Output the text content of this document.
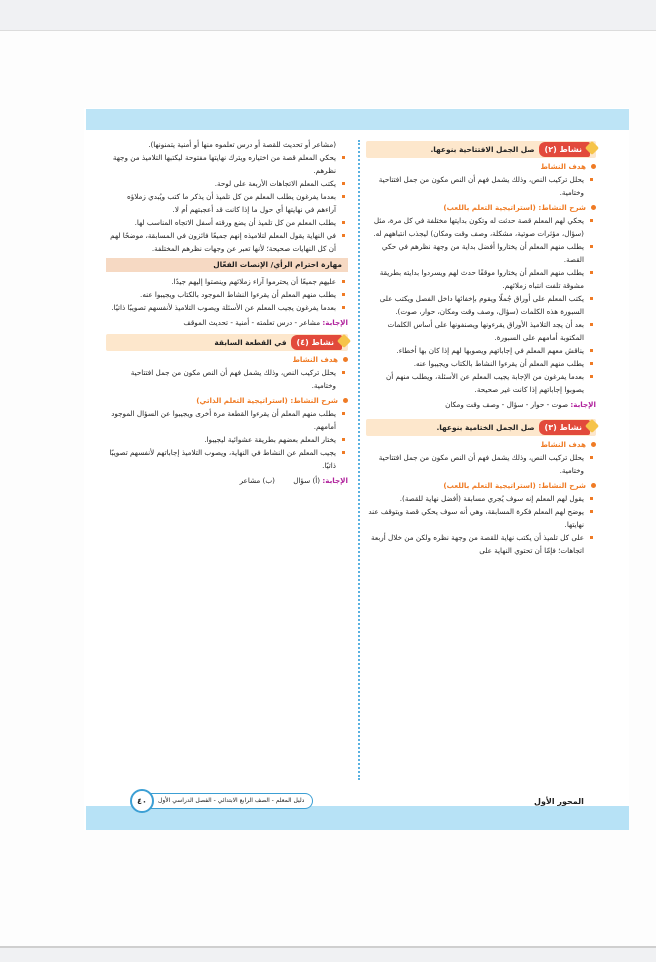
نشاط (٢)
صل الجمل الافتتاحية بنوعها.
هدف النشاط
يحلل تركيب النص، وذلك يشمل فهم أن النص مكون من جمل افتتاحية وختامية.
شرح النشاط: (استراتيجية التعلم باللعب)
يحكي لهم المعلم قصة حدثت له وتكون بدايتها مختلفة في كل مرة، مثل (سؤال، مؤثرات صوتية، مشكلة، وصف وقت ومكان) ليجذب انتباههم له.
يطلب منهم المعلم أن يختاروا أفضل بداية من وجهة نظرهم في حكي القصة.
يطلب منهم المعلم أن يختاروا موقفًا حدث لهم ويسردوا بدايته بطريقة مشوقة تلفت انتباه زملائهم.
يكتب المعلم على أوراق جُملًا ويقوم بإخفائها داخل الفصل ويكتب على السبورة هذه الكلمات (سؤال، وصف وقت ومكان، حوار، صوت).
بعد أن يجد التلاميذ الأوراق يقرءونها ويصنفونها على أساس الكلمات المكتوبة أمامهم على السبورة.
يناقش معهم المعلم في إجاباتهم ويصوبها لهم إذا كان بها أخطاء.
يطلب منهم المعلم أن يقرءوا النشاط بالكتاب ويجيبوا عنه.
بعدما يفرغون من الإجابة يجيب المعلم عن الأسئلة، ويطلب منهم أن يصوبوا إجاباتهم إذا كانت غير صحيحة.
الإجابة: صوت - حوار - سؤال - وصف وقت ومكان
نشاط (٣)
صل الجمل الختامية بنوعها.
هدف النشاط
يحلل تركيب النص، وذلك يشمل فهم أن النص مكون من جمل افتتاحية وختامية.
شرح النشاط: (استراتيجية التعلم باللعب)
يقول لهم المعلم إنه سوف يُجري مسابقة (أفضل نهاية للقصة).
يوضح لهم المعلم فكرة المسابقة، وهي أنه سوف يحكي قصة ويتوقف عند نهايتها.
على كل تلميذ أن يكتب نهاية للقصة من وجهة نظره ولكن من خلال أربعة اتجاهات؛ فإمّا أن تحتوي النهاية على
(مشاعر أو تحديث للقصة أو درس تعلموه منها أو أمنية يتمنونها).
يحكي المعلم قصة من اختياره ويترك نهايتها مفتوحة ليكتبها التلاميذ من وجهة نظرهم.
يكتب المعلم الاتجاهات الأربعة على لوحة.
بعدما يفرغون يطلب المعلم من كل تلميذ أن يذكر ما كتب ويُبدي زملاؤه آراءهم في نهايتها أي حول ما إذا كانت قد أعجبتهم أم لا.
يطلب المعلم من كل تلميذ أن يضع ورقته أسفل الاتجاه المناسب لها.
في النهاية يقول المعلم لتلاميذه إنهم جميعًا فائزون في المسابقة، موضحًا لهم أن كل النهايات صحيحة؛ لأنها تعبر عن وجهات نظرهم المختلفة.
مهارة احترام الرأي/ الإنصات الفعّال
عليهم جميعًا أن يحترموا آراء زملائهم وينصتوا إليهم جيدًا.
يطلب منهم المعلم أن يقرءوا النشاط الموجود بالكتاب ويجيبوا عنه.
بعدما يفرغون يجيب المعلم عن الأسئلة ويصوب التلاميذ لأنفسهم تصويبًا ذاتيًا.
الإجابة: مشاعر - درس تعلمته - أمنية - تحديث الموقف
نشاط (٤)
في القطعة السابقة
هدف النشاط
يحلل تركيب النص، وذلك يشمل فهم أن النص مكون من جمل افتتاحية وختامية.
شرح النشاط: (استراتيجية التعلم الذاتي)
يطلب منهم المعلم أن يقرءوا القطعة مرة أخرى ويجيبوا عن السؤال الموجود أمامهم.
يختار المعلم بعضهم بطريقة عشوائية ليجيبوا.
يجيب المعلم عن النشاط في النهاية، ويصوب التلاميذ إجاباتهم لأنفسهم تصويبًا ذاتيًا.
الإجابة: (أ) سؤال        (ب) مشاعر
٤٠	دليل المعلم - الصف الرابع الابتدائي - الفصل الدراسي الأول	المحور الأول
